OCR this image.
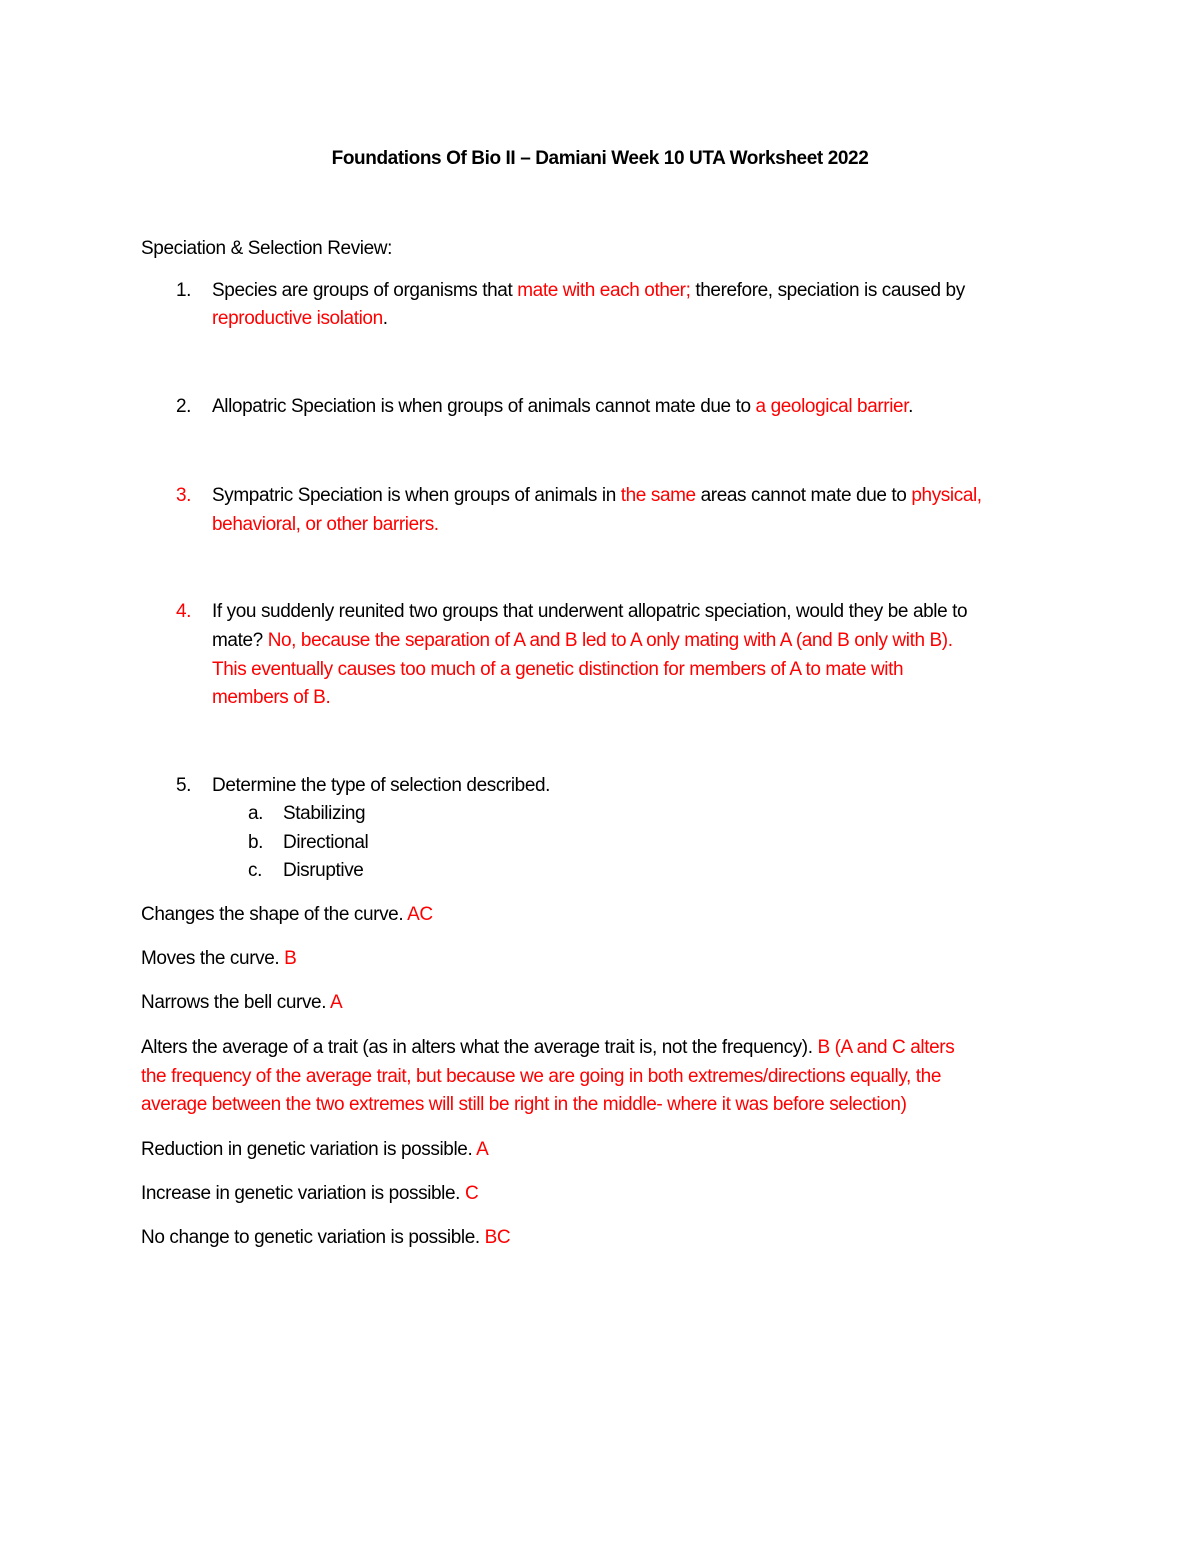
Foundations Of Bio II – Damiani Week 10 UTA Worksheet 2022
Speciation & Selection Review:
1. Species are groups of organisms that mate with each other; therefore, speciation is caused by
reproductive isolation.
2. Allopatric Speciation is when groups of animals cannot mate due to a geological barrier.
3. Sympatric Speciation is when groups of animals in the same areas cannot mate due to physical,
behavioral, or other barriers.
4. If you suddenly reunited two groups that underwent allopatric speciation, would they be able to
mate? No, because the separation of A and B led to A only mating with A (and B only with B).
This eventually causes too much of a genetic distinction for members of A to mate with
members of B.
5. Determine the type of selection described.
a. Stabilizing
b. Directional
c. Disruptive
Changes the shape of the curve. AC
Moves the curve. B
Narrows the bell curve. A
Alters the average of a trait (as in alters what the average trait is, not the frequency). B (A and C alters
the frequency of the average trait, but because we are going in both extremes/directions equally, the
average between the two extremes will still be right in the middle- where it was before selection)
Reduction in genetic variation is possible. A
Increase in genetic variation is possible. C
No change to genetic variation is possible. BC
